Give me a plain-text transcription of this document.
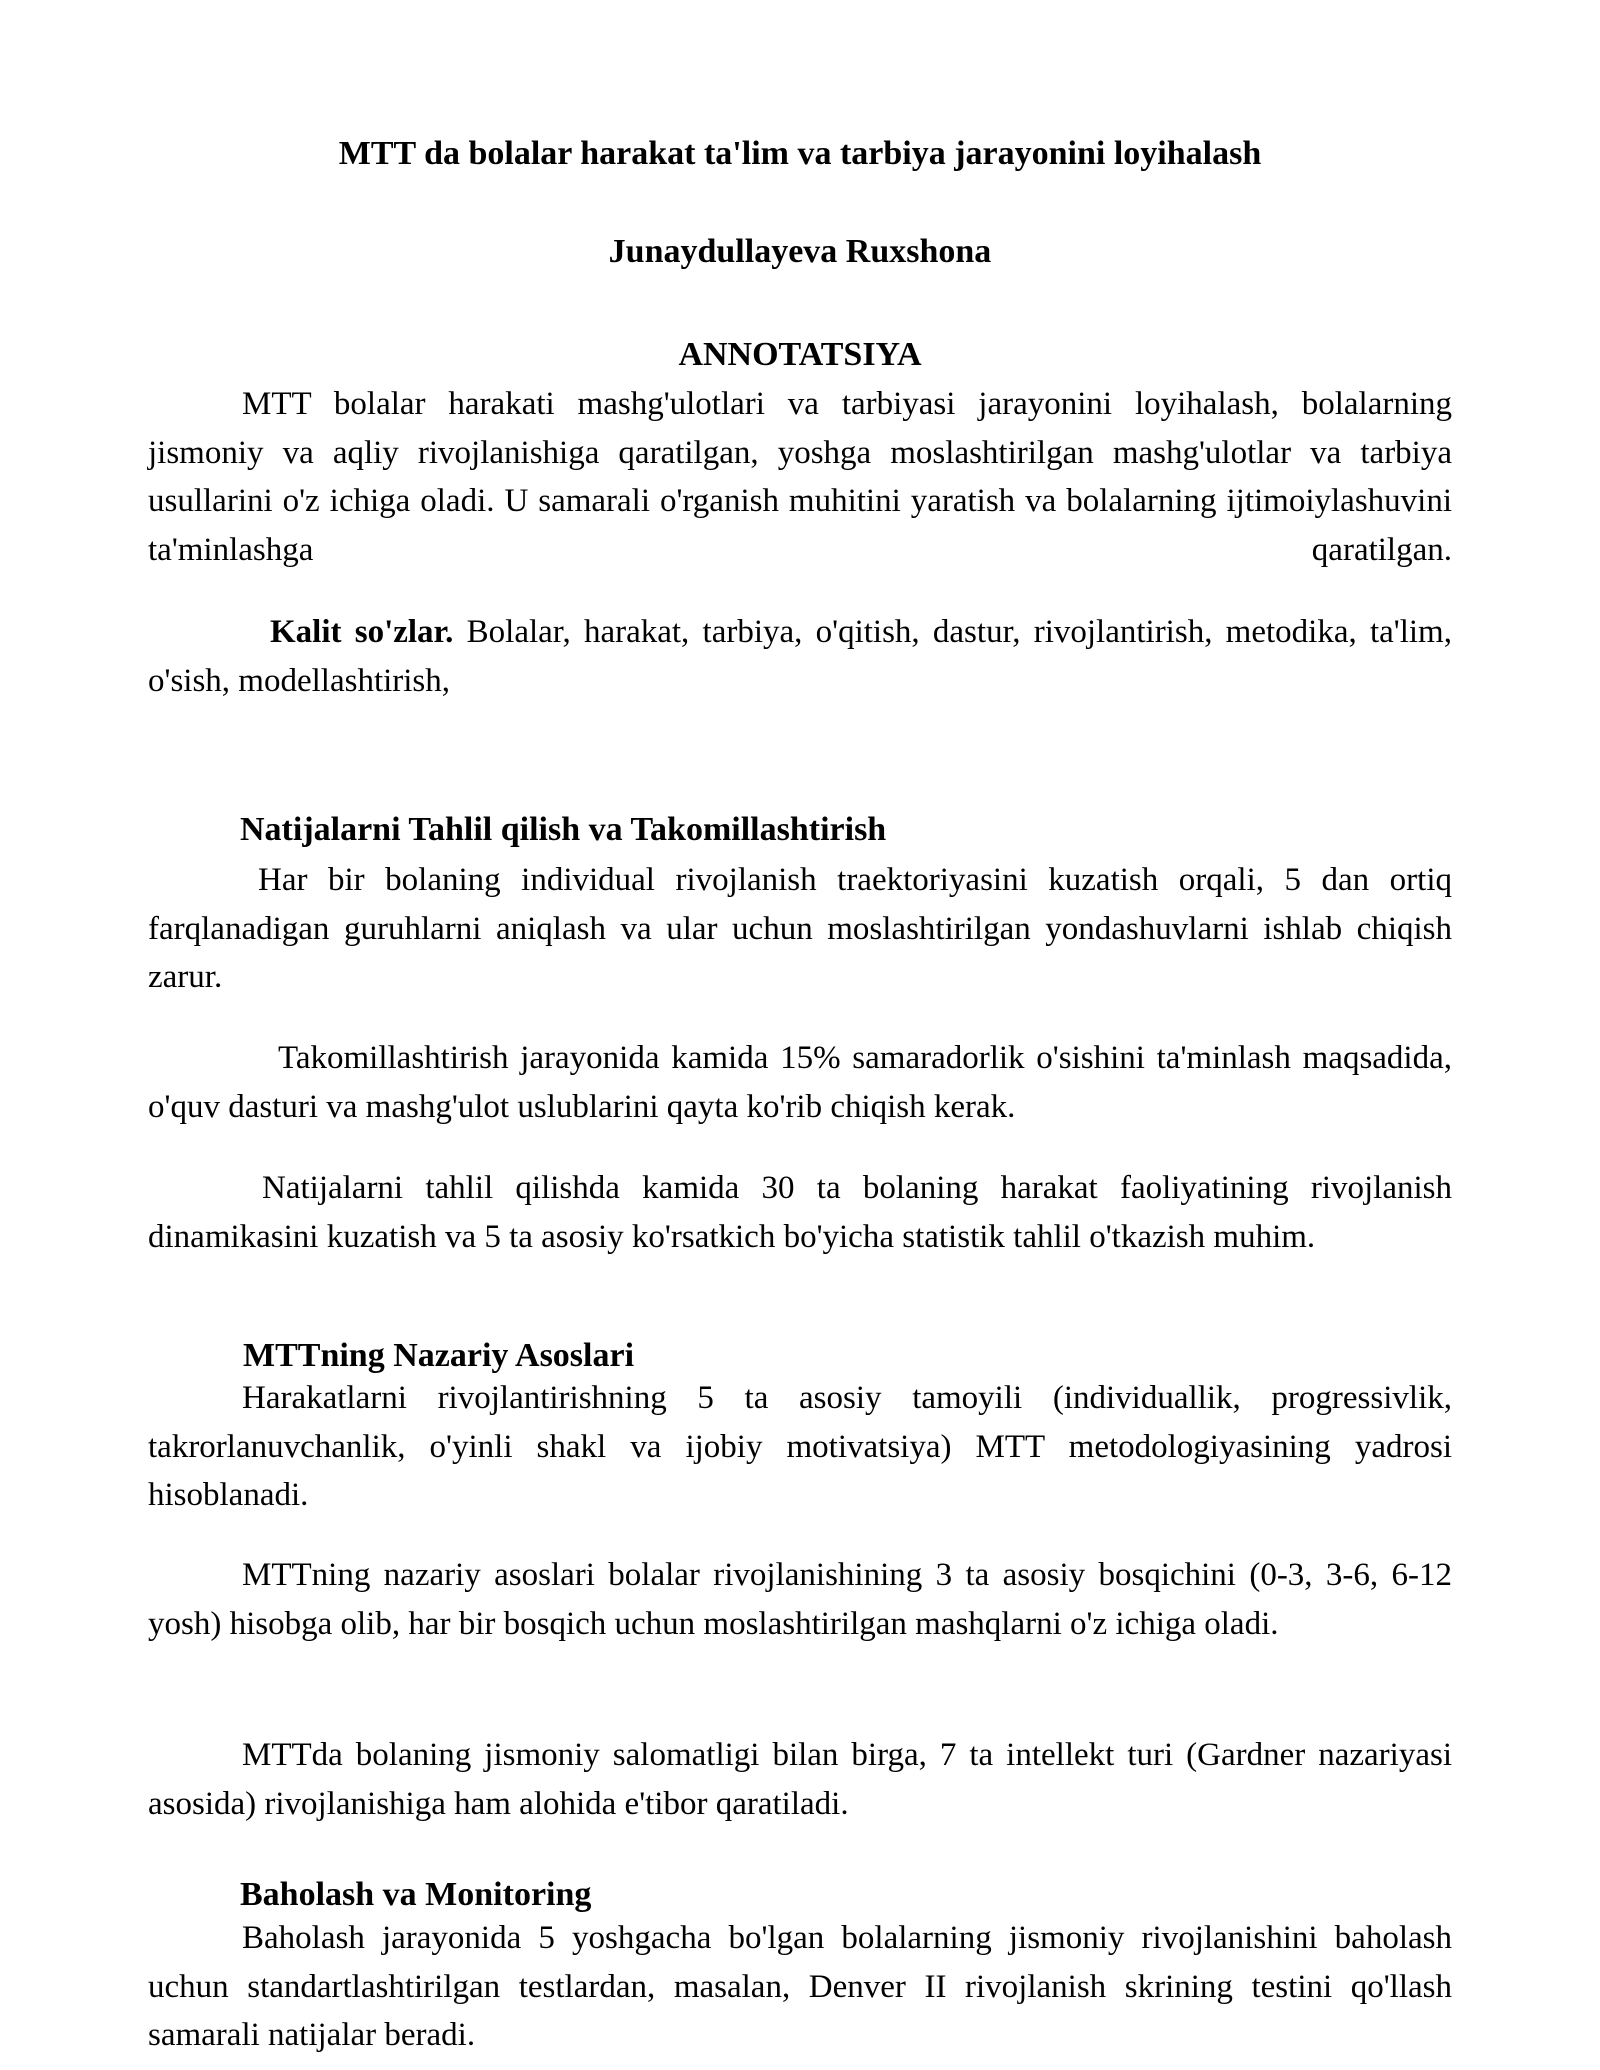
MTT da bolalar harakat ta'lim va tarbiya jarayonini loyihalash
Junaydullayeva Ruxshona
ANNOTATSIYA

MTT bolalar harakati mashg'ulotlari va tarbiyasi jarayonini loyihalash, bolalarning jismoniy va aqliy rivojlanishiga qaratilgan, yoshga moslashtirilgan mashg'ulotlar va tarbiya usullarini o'z ichiga oladi. U samarali o'rganish muhitini yaratish va bolalarning ijtimoiylashuvini ta'minlashga qaratilgan.

Kalit so'zlar. Bolalar, harakat, tarbiya, o'qitish, dastur, rivojlantirish, metodika, ta'lim, o'sish, modellashtirish,

Natijalarni Tahlil qilish va Takomillashtirish

Har bir bolaning individual rivojlanish traektoriyasini kuzatish orqali, 5 dan ortiq farqlanadigan guruhlarni aniqlash va ular uchun moslashtirilgan yondashuvlarni ishlab chiqish zarur.

Takomillashtirish jarayonida kamida 15% samaradorlik o'sishini ta'minlash maqsadida, o'quv dasturi va mashg'ulot uslublarini qayta ko'rib chiqish kerak.

Natijalarni tahlil qilishda kamida 30 ta bolaning harakat faoliyatining rivojlanish dinamikasini kuzatish va 5 ta asosiy ko'rsatkich bo'yicha statistik tahlil o'tkazish muhim.

MTTning Nazariy Asoslari

Harakatlarni rivojlantirishning 5 ta asosiy tamoyili (individuallik, progressivlik, takrorlanuvchanlik, o'yinli shakl va ijobiy motivatsiya) MTT metodologiyasining yadrosi hisoblanadi.

MTTning nazariy asoslari bolalar rivojlanishining 3 ta asosiy bosqichini (0-3, 3-6, 6-12 yosh) hisobga olib, har bir bosqich uchun moslashtirilgan mashqlarni o'z ichiga oladi.

MTTda bolaning jismoniy salomatligi bilan birga, 7 ta intellekt turi (Gardner nazariyasi asosida) rivojlanishiga ham alohida e'tibor qaratiladi.

Baholash va Monitoring

Baholash jarayonida 5 yoshgacha bo'lgan bolalarning jismoniy rivojlanishini baholash uchun standartlashtirilgan testlardan, masalan, Denver II rivojlanish skrining testini qo'llash samarali natijalar beradi.
